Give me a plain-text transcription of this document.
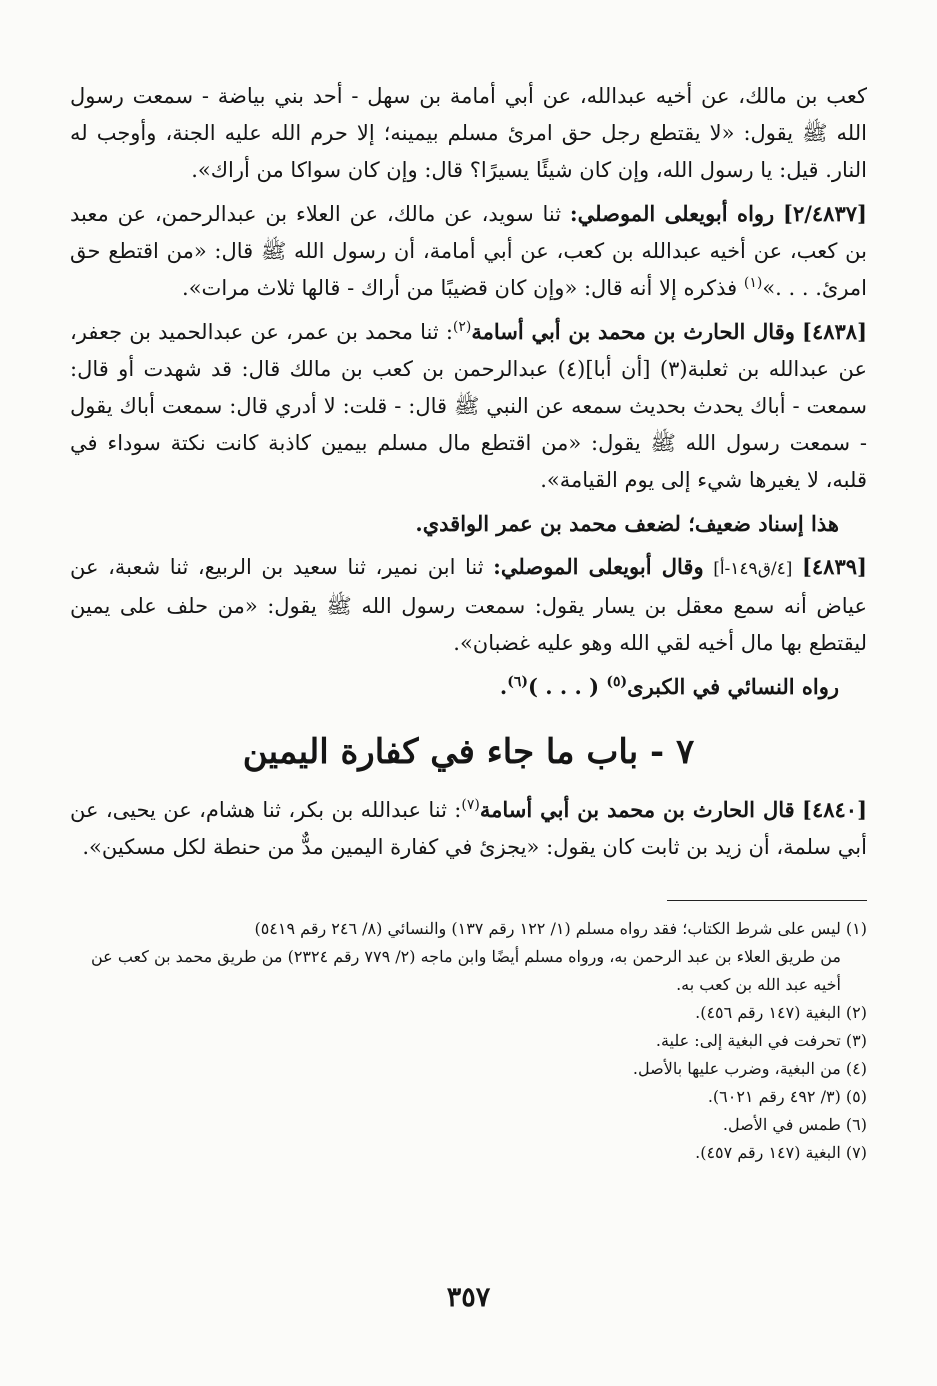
كعب بن مالك، عن أخيه عبدالله، عن أبي أمامة بن سهل - أحد بني بياضة - سمعت رسول الله ﷺ يقول: «لا يقتطع رجل حق امرئ مسلم بيمينه؛ إلا حرم الله عليه الجنة، وأوجب له النار. قيل: يا رسول الله، وإن كان شيئًا يسيرًا؟ قال: وإن كان سواكا من أراك».

[٢/٤٨٣٧] رواه أبويعلى الموصلي: ثنا سويد، عن مالك، عن العلاء بن عبدالرحمن، عن معبد بن كعب، عن أخيه عبدالله بن كعب، عن أبي أمامة، أن رسول الله ﷺ قال: «من اقتطع حق امرئ. . . .»$^{(١)}$ فذكره إلا أنه قال: «وإن كان قضيبًا من أراك - قالها ثلاث مرات».

[٤٨٣٨] وقال الحارث بن محمد بن أبي أسامة$^{(٢)}$: ثنا محمد بن عمر، عن عبدالحميد بن جعفر، عن عبدالله بن ثعلبة(٣) [أن أبا](٤) عبدالرحمن بن كعب بن مالك قال: قد شهدت أو قال: سمعت - أباك يحدث بحديث سمعه عن النبي ﷺ قال: - قلت: لا أدري قال: سمعت أباك يقول - سمعت رسول الله ﷺ يقول: «من اقتطع مال مسلم بيمين كاذبة كانت نكتة سوداء في قلبه، لا يغيرها شيء إلى يوم القيامة».

هذا إسناد ضعيف؛ لضعف محمد بن عمر الواقدي.

[٤٨٣٩] [٤/ق١٤٩-أ] وقال أبويعلى الموصلي: ثنا ابن نمير، ثنا سعيد بن الربيع، ثنا شعبة، عن عياض أنه سمع معقل بن يسار يقول: سمعت رسول الله ﷺ يقول: «من حلف على يمين ليقتطع بها مال أخيه لقي الله وهو عليه غضبان».

رواه النسائي في الكبرى$^{(٥)}$ ( . . . )$^{(٦)}$.

٧ - باب ما جاء في كفارة اليمين

[٤٨٤٠] قال الحارث بن محمد بن أبي أسامة$^{(٧)}$: ثنا عبدالله بن بكر، ثنا هشام، عن يحيى، عن أبي سلمة، أن زيد بن ثابت كان يقول: «يجزئ في كفارة اليمين مدٌّ من حنطة لكل مسكين».

(١) ليس على شرط الكتاب؛ فقد رواه مسلم (١/ ١٢٢ رقم ١٣٧) والنسائي (٨/ ٢٤٦ رقم ٥٤١٩)

من طريق العلاء بن عبد الرحمن به، ورواه مسلم أيضًا وابن ماجه (٢/ ٧٧٩ رقم ٢٣٢٤) من طريق محمد بن كعب عن أخيه عبد الله بن كعب به.

(٢) البغية (١٤٧ رقم ٤٥٦).

(٣) تحرفت في البغية إلى: علية.

(٤) من البغية، وضرب عليها بالأصل.

(٥) (٣/ ٤٩٢ رقم ٦٠٢١).

(٦) طمس في الأصل.

(٧) البغية (١٤٧ رقم ٤٥٧).

٣٥٧
